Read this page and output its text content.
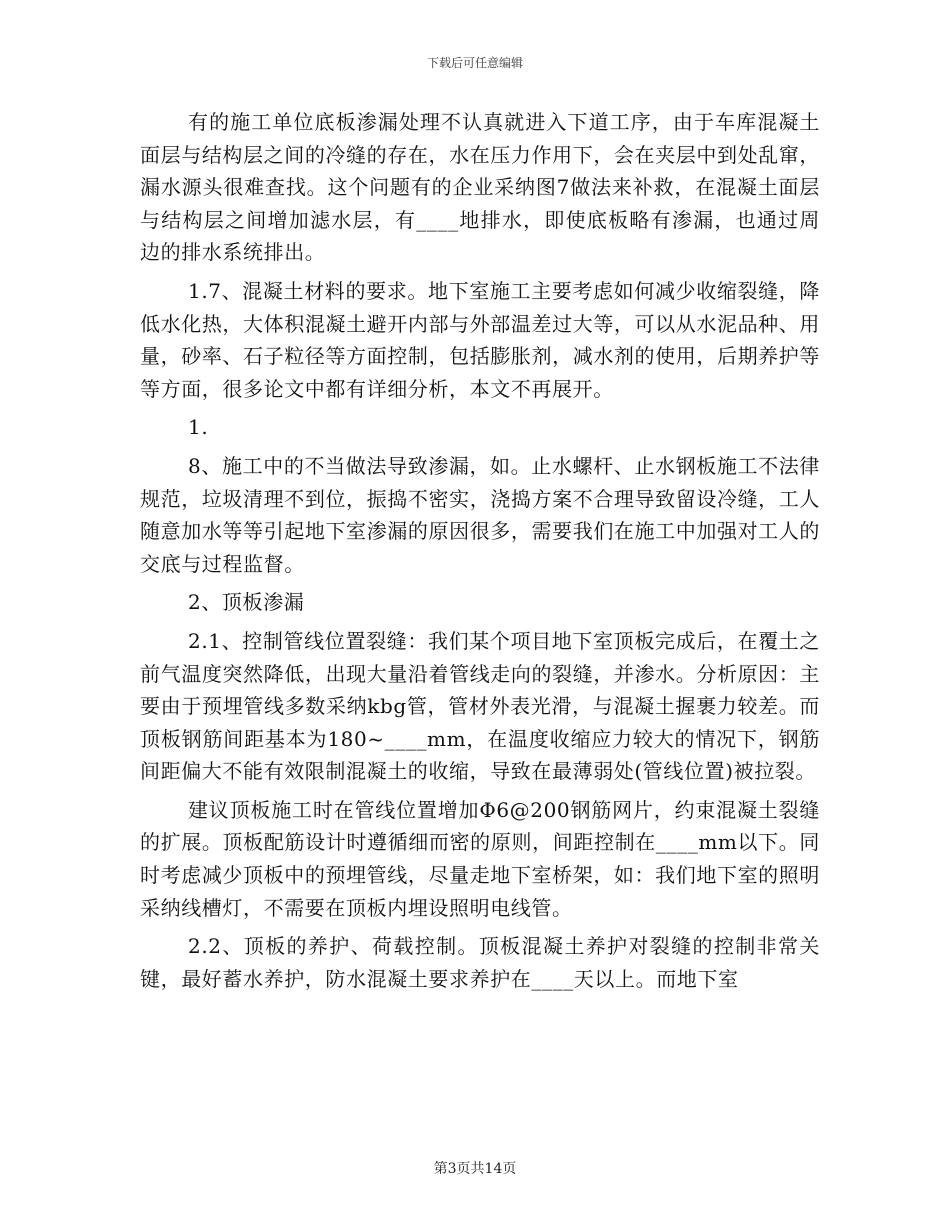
下载后可任意编辑

有的施工单位底板渗漏处理不认真就进入下道工序，由于车库混凝土面层与结构层之间的冷缝的存在，水在压力作用下，会在夹层中到处乱窜，漏水源头很难查找。这个问题有的企业采纳图7做法来补救，在混凝土面层与结构层之间增加滤水层，有____地排水，即使底板略有渗漏，也通过周边的排水系统排出。

1.7、混凝土材料的要求。地下室施工主要考虑如何减少收缩裂缝，降低水化热，大体积混凝土避开内部与外部温差过大等，可以从水泥品种、用量，砂率、石子粒径等方面控制，包括膨胀剂，减水剂的使用，后期养护等等方面，很多论文中都有详细分析，本文不再展开。

1.

8、施工中的不当做法导致渗漏，如。止水螺杆、止水钢板施工不法律规范，垃圾清理不到位，振捣不密实，浇捣方案不合理导致留设冷缝，工人随意加水等等引起地下室渗漏的原因很多，需要我们在施工中加强对工人的交底与过程监督。

2、顶板渗漏

2.1、控制管线位置裂缝：我们某个项目地下室顶板完成后，在覆土之前气温度突然降低，出现大量沿着管线走向的裂缝，并渗水。分析原因：主要由于预埋管线多数采纳kbg管，管材外表光滑，与混凝土握裹力较差。而顶板钢筋间距基本为180~____mm，在温度收缩应力较大的情况下，钢筋间距偏大不能有效限制混凝土的收缩，导致在最薄弱处(管线位置)被拉裂。

建议顶板施工时在管线位置增加Φ6@200钢筋网片，约束混凝土裂缝的扩展。顶板配筋设计时遵循细而密的原则，间距控制在____mm以下。同时考虑减少顶板中的预埋管线，尽量走地下室桥架，如：我们地下室的照明采纳线槽灯，不需要在顶板内埋设照明电线管。

2.2、顶板的养护、荷载控制。顶板混凝土养护对裂缝的控制非常关键，最好蓄水养护，防水混凝土要求养护在____天以上。而地下室

第3页共14页
